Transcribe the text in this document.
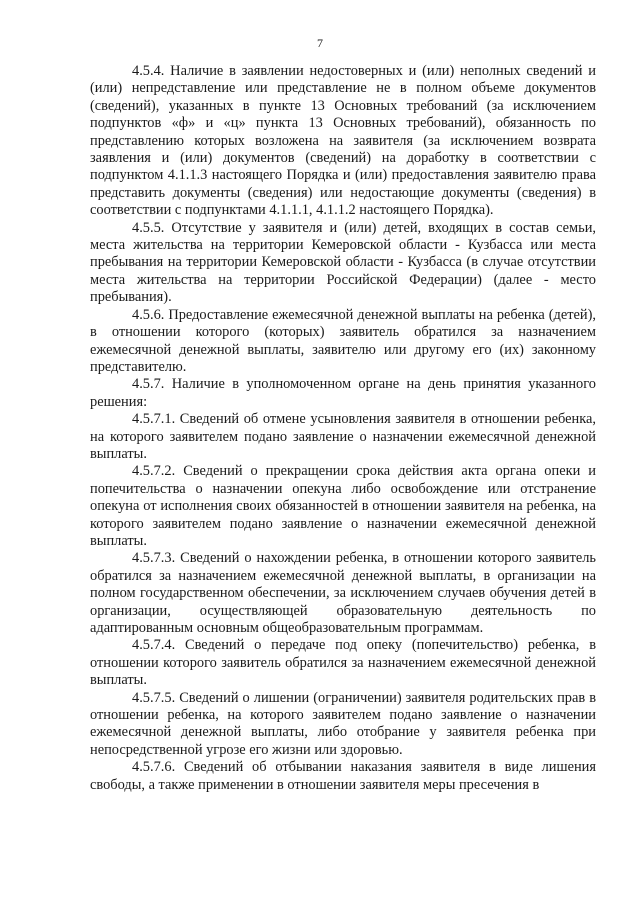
7

4.5.4. Наличие в заявлении недостоверных и (или) неполных сведений и (или) непредставление или представление не в полном объеме документов (сведений), указанных в пункте 13 Основных требований (за исключением подпунктов «ф» и «ц» пункта 13 Основных требований), обязанность по представлению которых возложена на заявителя (за исключением возврата заявления и (или) документов (сведений) на доработку в соответствии с подпунктом 4.1.1.3 настоящего Порядка и (или) предоставления заявителю права представить документы (сведения) или недостающие документы (сведения) в соответствии с подпунктами 4.1.1.1, 4.1.1.2 настоящего Порядка).

4.5.5. Отсутствие у заявителя и (или) детей, входящих в состав семьи, места жительства на территории Кемеровской области - Кузбасса или места пребывания на территории Кемеровской области - Кузбасса (в случае отсутствии места жительства на территории Российской Федерации) (далее - место пребывания).

4.5.6. Предоставление ежемесячной денежной выплаты на ребенка (детей), в отношении которого (которых) заявитель обратился за назначением ежемесячной денежной выплаты, заявителю или другому его (их) законному представителю.

4.5.7. Наличие в уполномоченном органе на день принятия указанного решения:

4.5.7.1. Сведений об отмене усыновления заявителя в отношении ребенка, на которого заявителем подано заявление о назначении ежемесячной денежной выплаты.

4.5.7.2. Сведений о прекращении срока действия акта органа опеки и попечительства о назначении опекуна либо освобождение или отстранение опекуна от исполнения своих обязанностей в отношении заявителя на ребенка, на которого заявителем подано заявление о назначении ежемесячной денежной выплаты.

4.5.7.3. Сведений о нахождении ребенка, в отношении которого заявитель обратился за назначением ежемесячной денежной выплаты, в организации на полном государственном обеспечении, за исключением случаев обучения детей в организации, осуществляющей образовательную деятельность по адаптированным основным общеобразовательным программам.

4.5.7.4. Сведений о передаче под опеку (попечительство) ребенка, в отношении которого заявитель обратился за назначением ежемесячной денежной выплаты.

4.5.7.5. Сведений о лишении (ограничении) заявителя родительских прав в отношении ребенка, на которого заявителем подано заявление о назначении ежемесячной денежной выплаты, либо отобрание у заявителя ребенка при непосредственной угрозе его жизни или здоровью.

4.5.7.6. Сведений об отбывании наказания заявителя в виде лишения свободы, а также применении в отношении заявителя меры пресечения в
